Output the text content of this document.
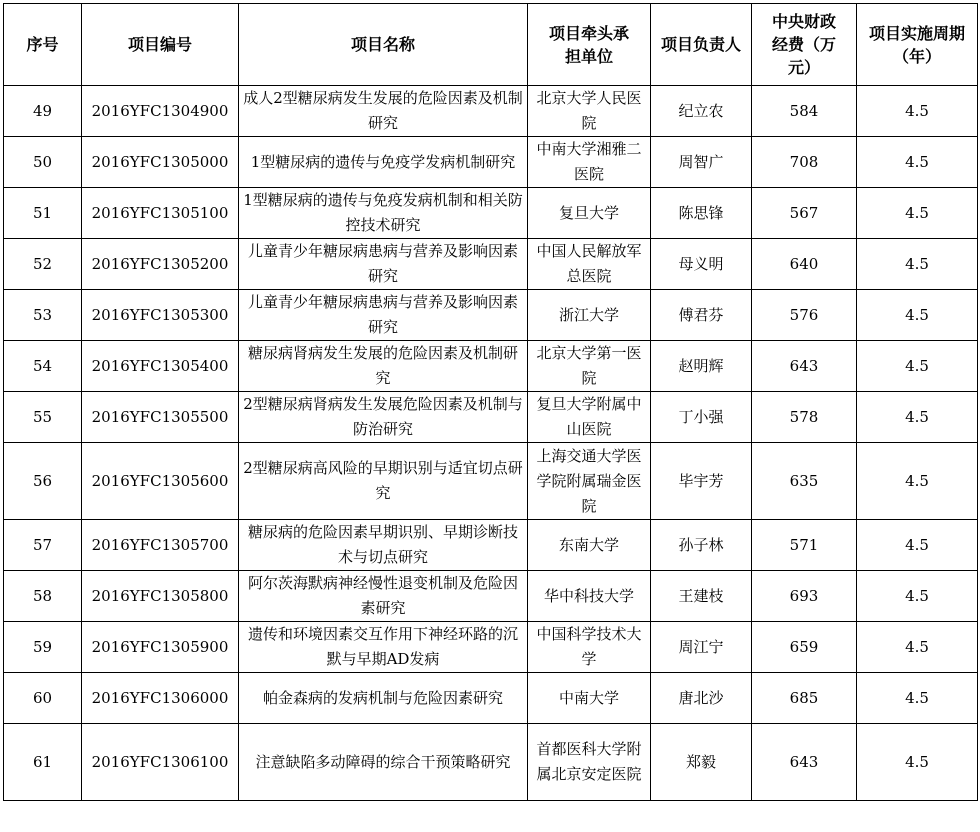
序号	项目编号	项目名称	项目牵头承担单位	项目负责人	中央财政经费（万元）	项目实施周期（年）
49	2016YFC1304900	成人2型糖尿病发生发展的危险因素及机制研究	北京大学人民医院	纪立农	584	4.5
50	2016YFC1305000	1型糖尿病的遗传与免疫学发病机制研究	中南大学湘雅二医院	周智广	708	4.5
51	2016YFC1305100	1型糖尿病的遗传与免疫发病机制和相关防控技术研究	复旦大学	陈思锋	567	4.5
52	2016YFC1305200	儿童青少年糖尿病患病与营养及影响因素研究	中国人民解放军总医院	母义明	640	4.5
53	2016YFC1305300	儿童青少年糖尿病患病与营养及影响因素研究	浙江大学	傅君芬	576	4.5
54	2016YFC1305400	糖尿病肾病发生发展的危险因素及机制研究	北京大学第一医院	赵明辉	643	4.5
55	2016YFC1305500	2型糖尿病肾病发生发展危险因素及机制与防治研究	复旦大学附属中山医院	丁小强	578	4.5
56	2016YFC1305600	2型糖尿病高风险的早期识别与适宜切点研究	上海交通大学医学院附属瑞金医院	毕宇芳	635	4.5
57	2016YFC1305700	糖尿病的危险因素早期识别、早期诊断技术与切点研究	东南大学	孙子林	571	4.5
58	2016YFC1305800	阿尔茨海默病神经慢性退变机制及危险因素研究	华中科技大学	王建枝	693	4.5
59	2016YFC1305900	遗传和环境因素交互作用下神经环路的沉默与早期AD发病	中国科学技术大学	周江宁	659	4.5
60	2016YFC1306000	帕金森病的发病机制与危险因素研究	中南大学	唐北沙	685	4.5
61	2016YFC1306100	注意缺陷多动障碍的综合干预策略研究	首都医科大学附属北京安定医院	郑毅	643	4.5
